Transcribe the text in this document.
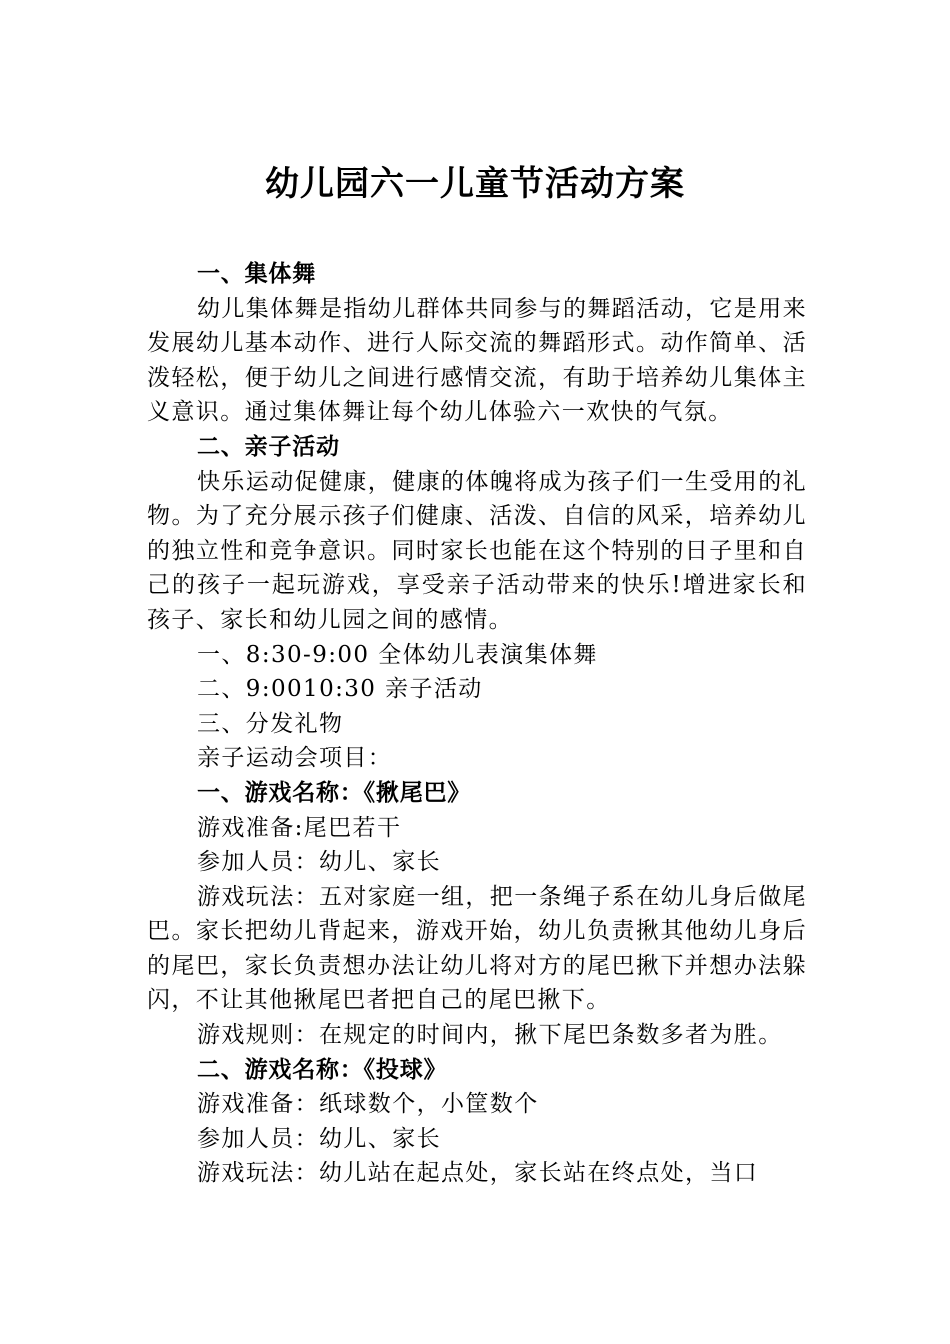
幼儿园六一儿童节活动方案

一、集体舞

幼儿集体舞是指幼儿群体共同参与的舞蹈活动，它是用来发展幼儿基本动作、进行人际交流的舞蹈形式。动作简单、活泼轻松，便于幼儿之间进行感情交流，有助于培养幼儿集体主义意识。通过集体舞让每个幼儿体验六一欢快的气氛。

二、亲子活动

快乐运动促健康，健康的体魄将成为孩子们一生受用的礼物。为了充分展示孩子们健康、活泼、自信的风采，培养幼儿的独立性和竞争意识。同时家长也能在这个特别的日子里和自己的孩子一起玩游戏，享受亲子活动带来的快乐!增进家长和孩子、家长和幼儿园之间的感情。

一、8:30-9:00 全体幼儿表演集体舞

二、9:0010:30 亲子活动

三、分发礼物

亲子运动会项目：

一、游戏名称：《揪尾巴》

游戏准备:尾巴若干

参加人员：幼儿、家长

游戏玩法：五对家庭一组，把一条绳子系在幼儿身后做尾巴。家长把幼儿背起来，游戏开始，幼儿负责揪其他幼儿身后的尾巴，家长负责想办法让幼儿将对方的尾巴揪下并想办法躲闪，不让其他揪尾巴者把自己的尾巴揪下。

游戏规则：在规定的时间内，揪下尾巴条数多者为胜。

二、游戏名称：《投球》

游戏准备：纸球数个，小筐数个

参加人员：幼儿、家长

游戏玩法：幼儿站在起点处，家长站在终点处，当口
